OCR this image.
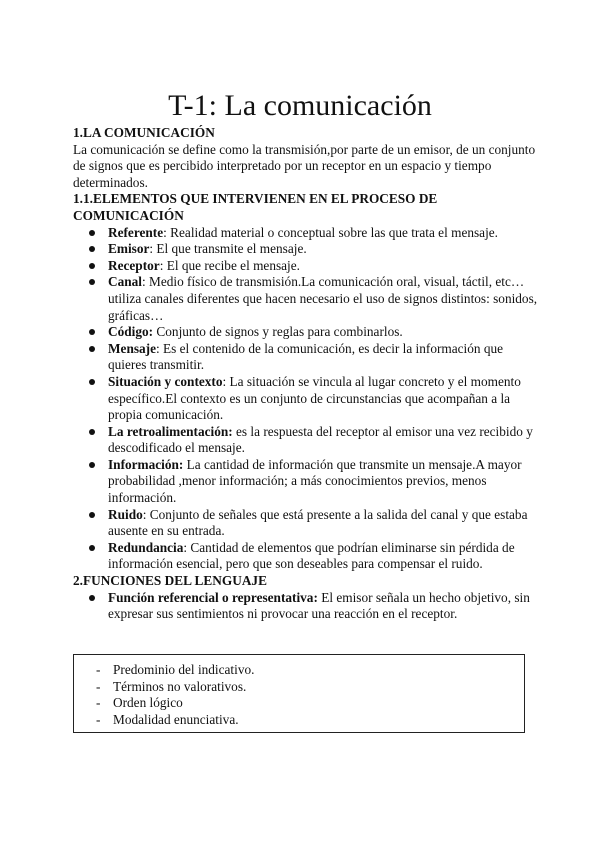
T-1: La comunicación

1.LA COMUNICACIÓN

La comunicación se define como la transmisión,por parte de un emisor, de un conjunto de signos que es percibido interpretado por un receptor en un espacio y tiempo determinados.

1.1.ELEMENTOS QUE INTERVIENEN EN EL PROCESO DE COMUNICACIÓN

Referente: Realidad material o conceptual sobre las que trata el mensaje.
Emisor: El que transmite el mensaje.
Receptor: El que recibe el mensaje.
Canal: Medio físico de transmisión.La comunicación oral, visual, táctil, etc… utiliza canales diferentes que hacen necesario el uso de signos distintos: sonidos, gráficas…
Código: Conjunto de signos y reglas para combinarlos.
Mensaje: Es el contenido de la comunicación, es decir la información que quieres transmitir.
Situación y contexto: La situación se vincula al lugar concreto y el momento específico.El contexto es un conjunto de circunstancias que acompañan a la propia comunicación.
La retroalimentación: es la respuesta del receptor al emisor una vez recibido y descodificado el mensaje.
Información: La cantidad de información que transmite un mensaje.A mayor probabilidad ,menor información; a más conocimientos previos, menos información.
Ruido: Conjunto de señales que está presente a la salida del canal y que estaba ausente en su entrada.
Redundancia: Cantidad de elementos que podrían eliminarse sin pérdida de información esencial, pero que son deseables para compensar el ruido.

2.FUNCIONES DEL LENGUAJE

Función referencial o representativa: El emisor señala un hecho objetivo, sin expresar sus sentimientos ni provocar una reacción en el receptor.

- Predominio del indicativo.

- Términos no valorativos.

- Orden lógico

- Modalidad enunciativa.
